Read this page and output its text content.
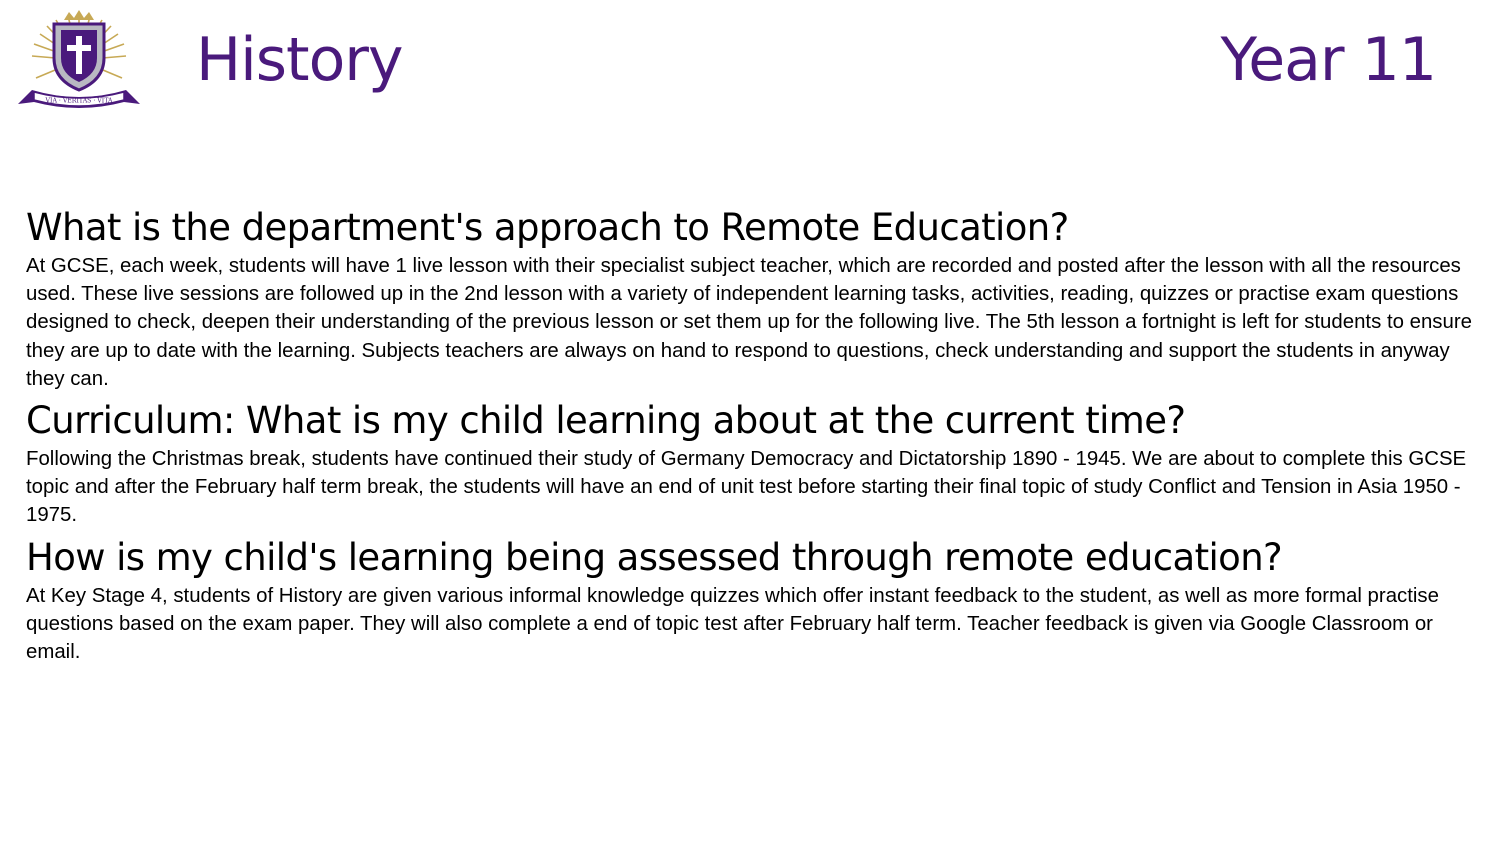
VIA · VERITAS · VITA
History	Year 11
What is the department's approach to Remote Education?

At GCSE, each week, students will have 1 live lesson with their specialist subject teacher, which are recorded and posted after the lesson with all the resources used. These live sessions are followed up in the 2nd lesson with a variety of independent learning tasks, activities, reading, quizzes or practise exam questions designed to check, deepen their understanding of the previous lesson or set them up for the following live. The 5th lesson a fortnight is left for students to ensure they are up to date with the learning. Subjects teachers are always on hand to respond to questions, check understanding and support the students in anyway they can.

Curriculum: What is my child learning about at the current time?

Following the Christmas break, students have continued their study of Germany Democracy and Dictatorship 1890 - 1945. We are about to complete this GCSE topic and after the February half term break, the students will have an end of unit test before starting their final topic of study Conflict and Tension in Asia 1950 - 1975.

How is my child's learning being assessed through remote education?

At Key Stage 4, students of History are given various informal knowledge quizzes which offer instant feedback to the student, as well as more formal practise questions based on the exam paper. They will also complete a end of topic test after February half term. Teacher feedback is given via Google Classroom or email.
